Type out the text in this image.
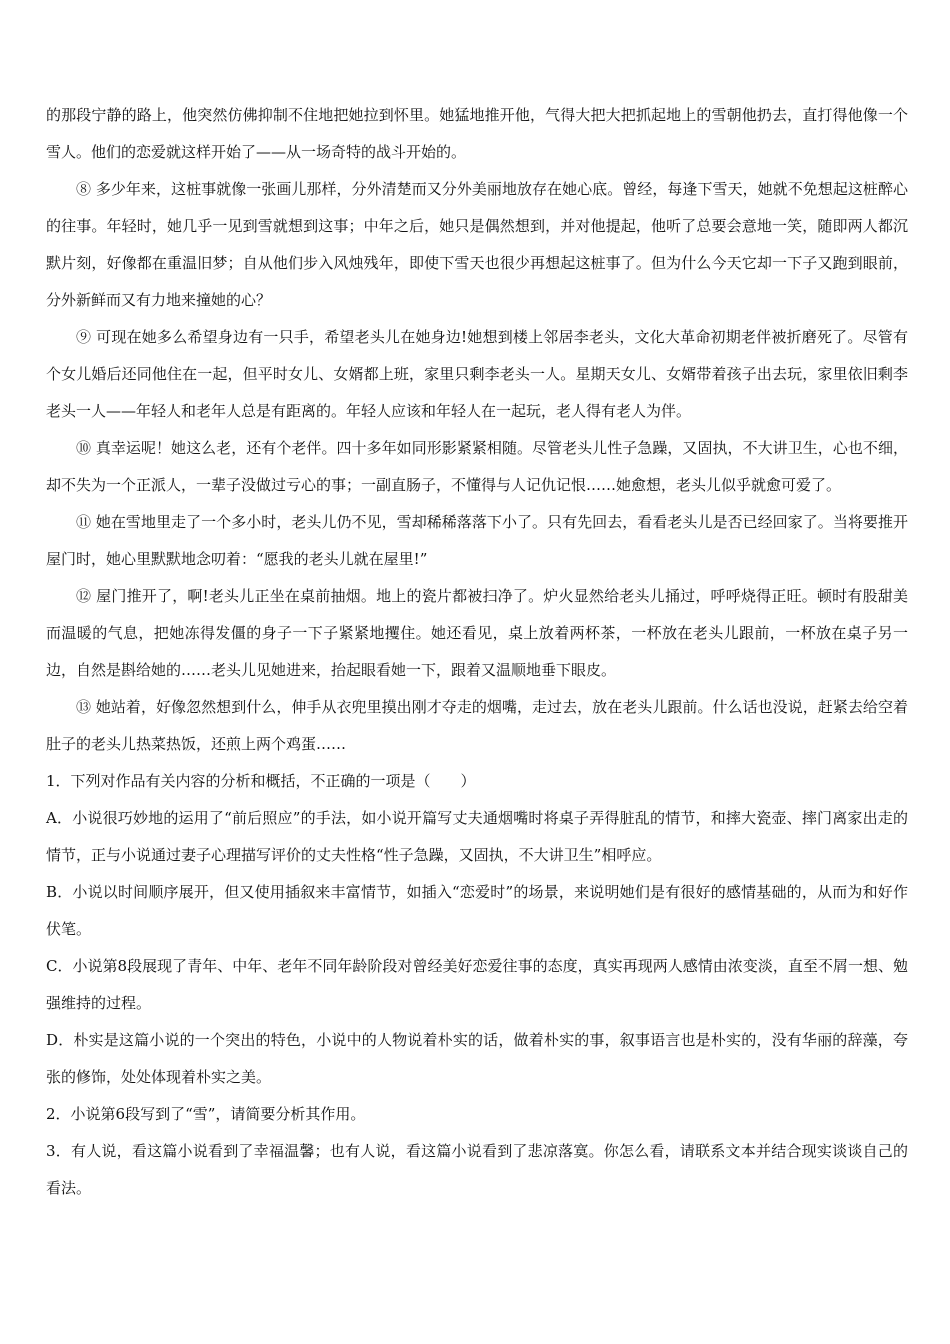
的那段宁静的路上，他突然仿佛抑制不住地把她拉到怀里。她猛地推开他，气得大把大把抓起地上的雪朝他扔去，直打得他像一个雪人。他们的恋爱就这样开始了——从一场奇特的战斗开始的。

⑧ 多少年来，这桩事就像一张画儿那样，分外清楚而又分外美丽地放存在她心底。曾经，每逢下雪天，她就不免想起这桩醉心的往事。年轻时，她几乎一见到雪就想到这事；中年之后，她只是偶然想到，并对他提起，他听了总要会意地一笑，随即两人都沉默片刻，好像都在重温旧梦；自从他们步入风烛残年，即使下雪天也很少再想起这桩事了。但为什么今天它却一下子又跑到眼前，分外新鲜而又有力地来撞她的心？

⑨ 可现在她多么希望身边有一只手，希望老头儿在她身边!她想到楼上邻居李老头，文化大革命初期老伴被折磨死了。尽管有个女儿婚后还同他住在一起，但平时女儿、女婿都上班，家里只剩李老头一人。星期天女儿、女婿带着孩子出去玩，家里依旧剩李老头一人——年轻人和老年人总是有距离的。年轻人应该和年轻人在一起玩，老人得有老人为伴。

⑩ 真幸运呢！她这么老，还有个老伴。四十多年如同形影紧紧相随。尽管老头儿性子急躁，又固执，不大讲卫生，心也不细，却不失为一个正派人，一辈子没做过亏心的事；一副直肠子，不懂得与人记仇记恨……她愈想，老头儿似乎就愈可爱了。

⑪ 她在雪地里走了一个多小时，老头儿仍不见，雪却稀稀落落下小了。只有先回去，看看老头儿是否已经回家了。当将要推开屋门时，她心里默默地念叨着：“愿我的老头儿就在屋里!”

⑫ 屋门推开了，啊!老头儿正坐在桌前抽烟。地上的瓷片都被扫净了。炉火显然给老头儿捅过，呼呼烧得正旺。顿时有股甜美而温暖的气息，把她冻得发僵的身子一下子紧紧地攫住。她还看见，桌上放着两杯茶，一杯放在老头儿跟前，一杯放在桌子另一边，自然是斟给她的……老头儿见她进来，抬起眼看她一下，跟着又温顺地垂下眼皮。

⑬ 她站着，好像忽然想到什么，伸手从衣兜里摸出刚才夺走的烟嘴，走过去，放在老头儿跟前。什么话也没说，赶紧去给空着肚子的老头儿热菜热饭，还煎上两个鸡蛋……

1．下列对作品有关内容的分析和概括，不正确的一项是（　　）

A．小说很巧妙地的运用了“前后照应”的手法，如小说开篇写丈夫通烟嘴时将桌子弄得脏乱的情节，和摔大瓷壶、摔门离家出走的情节，正与小说通过妻子心理描写评价的丈夫性格“性子急躁，又固执，不大讲卫生”相呼应。

B．小说以时间顺序展开，但又使用插叙来丰富情节，如插入“恋爱时”的场景，来说明她们是有很好的感情基础的，从而为和好作伏笔。

C．小说第8段展现了青年、中年、老年不同年龄阶段对曾经美好恋爱往事的态度，真实再现两人感情由浓变淡，直至不屑一想、勉强维持的过程。

D．朴实是这篇小说的一个突出的特色，小说中的人物说着朴实的话，做着朴实的事，叙事语言也是朴实的，没有华丽的辞藻，夸张的修饰，处处体现着朴实之美。

2．小说第6段写到了“雪”，请简要分析其作用。

3．有人说，看这篇小说看到了幸福温馨；也有人说，看这篇小说看到了悲凉落寞。你怎么看，请联系文本并结合现实谈谈自己的看法。
